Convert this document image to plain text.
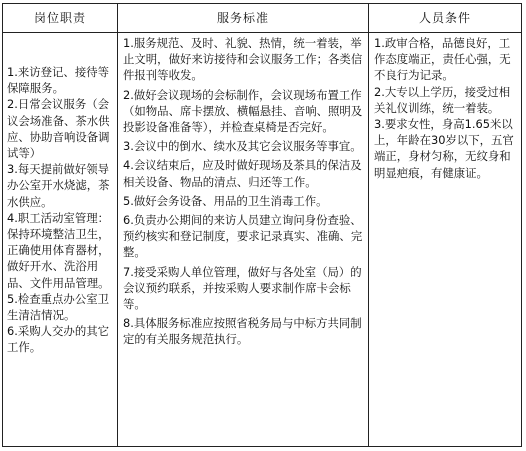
岗位职责	服务标准	人员条件

1.来访登记、接待等保障服务。

2.日常会议服务（会议会场准备、茶水供应、协助音响设备调试等）

3.每天提前做好领导办公室开水烧滤，茶水供应。

4.职工活动室管理：保持环境整洁卫生，正确使用体育器材，做好开水、洗浴用品、文件用品管理。

5.检查重点办公室卫生清洁情况。

6.采购人交办的其它工作。

1.服务规范、及时、礼貌、热情，统一着装，举止文明，做好来访接待和会议服务工作；各类信件报刊等收发。

2.做好会议现场的会标制作，会议现场布置工作（如物品、席卡摆放、横幅悬挂、音响、照明及投影设备准备等），并检查桌椅是否完好。

3.会议中的倒水、续水及其它会议服务等事宜。

4.会议结束后，应及时做好现场及茶具的保洁及相关设备、物品的清点、归还等工作。

5.做好会务设备、用品的卫生消毒工作。

6.负责办公期间的来访人员建立询问身份查验、预约核实和登记制度，要求记录真实、准确、完整。

7.接受采购人单位管理，做好与各处室（局）的会议预约联系，并按采购人要求制作席卡会标等。

8.具体服务标准应按照省税务局与中标方共同制定的有关服务规范执行。

1.政审合格，品德良好，工作态度端正，责任心强，无不良行为记录。

2.大专以上学历，接受过相关礼仪训练，统一着装。

3.要求女性，身高1.65米以上，年龄在30岁以下，五官端正，身材匀称，无纹身和明显疤痕，有健康证。
